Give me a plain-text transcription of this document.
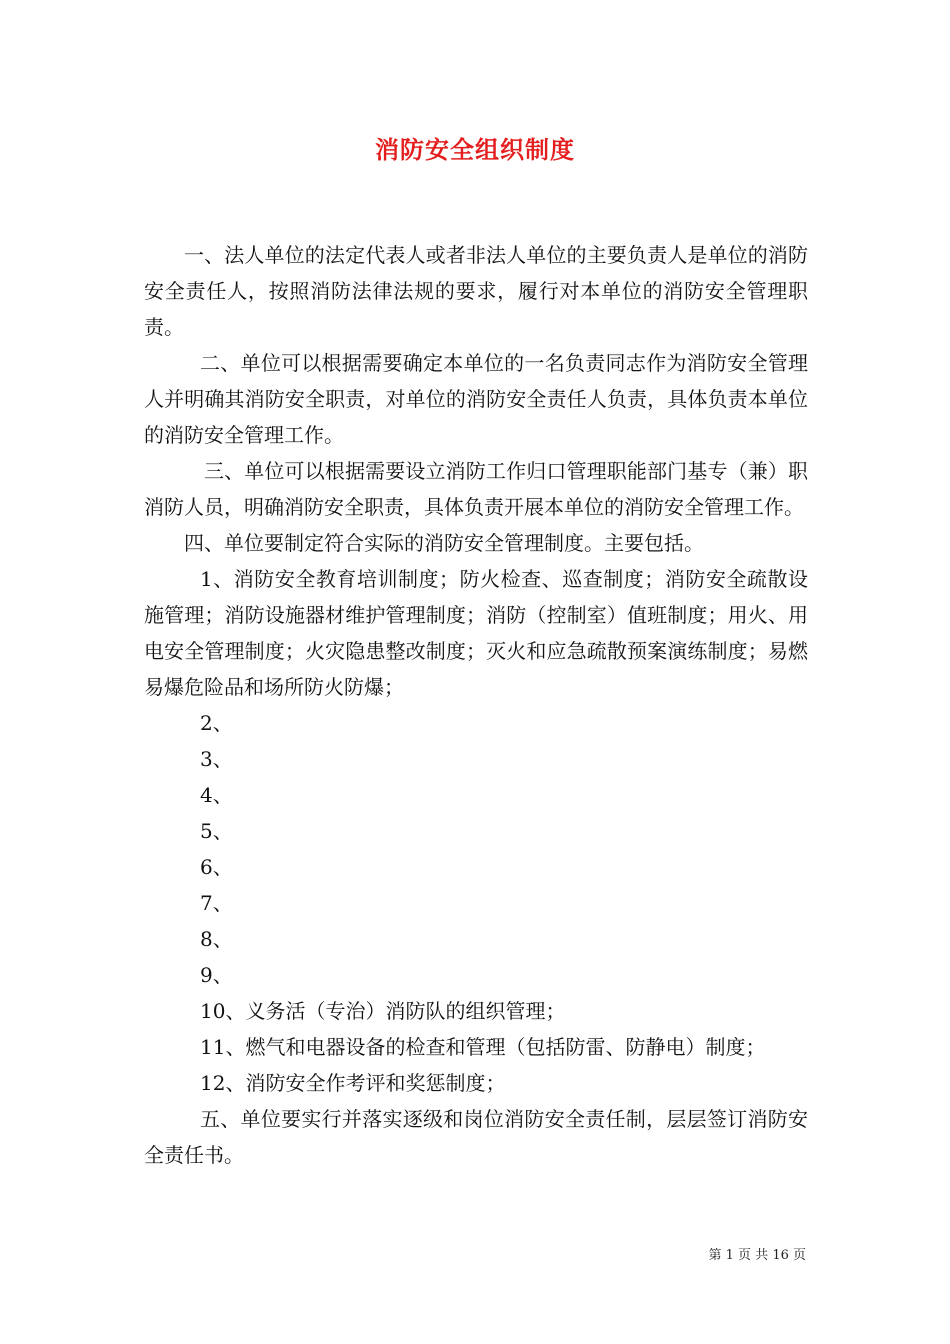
消防安全组织制度

一、法人单位的法定代表人或者非法人单位的主要负责人是单位的消防安全责任人，按照消防法律法规的要求，履行对本单位的消防安全管理职责。

二、单位可以根据需要确定本单位的一名负责同志作为消防安全管理人并明确其消防安全职责，对单位的消防安全责任人负责，具体负责本单位的消防安全管理工作。

三、单位可以根据需要设立消防工作归口管理职能部门基专（兼）职消防人员，明确消防安全职责，具体负责开展本单位的消防安全管理工作。

四、单位要制定符合实际的消防安全管理制度。主要包括。

1、消防安全教育培训制度；防火检查、巡查制度；消防安全疏散设施管理；消防设施器材维护管理制度；消防（控制室）值班制度；用火、用电安全管理制度；火灾隐患整改制度；灭火和应急疏散预案演练制度；易燃易爆危险品和场所防火防爆；

2、

3、

4、

5、

6、

7、

8、

9、

10、义务活（专治）消防队的组织管理；

11、燃气和电器设备的检查和管理（包括防雷、防静电）制度；

12、消防安全作考评和奖惩制度；

五、单位要实行并落实逐级和岗位消防安全责任制，层层签订消防安全责任书。

第 1 页 共 16 页
